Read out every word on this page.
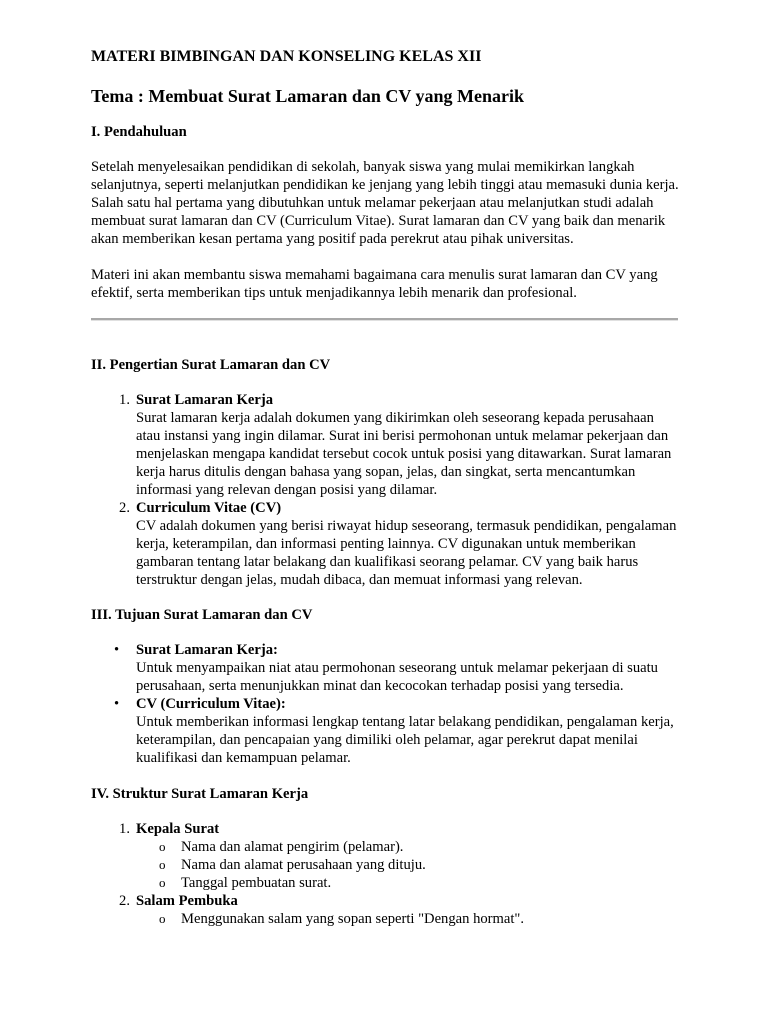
MATERI BIMBINGAN DAN KONSELING KELAS XII
Tema : Membuat Surat Lamaran dan CV yang Menarik
I. Pendahuluan

Setelah menyelesaikan pendidikan di sekolah, banyak siswa yang mulai memikirkan langkah selanjutnya, seperti melanjutkan pendidikan ke jenjang yang lebih tinggi atau memasuki dunia kerja. Salah satu hal pertama yang dibutuhkan untuk melamar pekerjaan atau melanjutkan studi adalah membuat surat lamaran dan CV (Curriculum Vitae). Surat lamaran dan CV yang baik dan menarik akan memberikan kesan pertama yang positif pada perekrut atau pihak universitas.

Materi ini akan membantu siswa memahami bagaimana cara menulis surat lamaran dan CV yang efektif, serta memberikan tips untuk menjadikannya lebih menarik dan profesional.

II. Pengertian Surat Lamaran dan CV
1. Surat Lamaran Kerja
Surat lamaran kerja adalah dokumen yang dikirimkan oleh seseorang kepada perusahaan atau instansi yang ingin dilamar. Surat ini berisi permohonan untuk melamar pekerjaan dan menjelaskan mengapa kandidat tersebut cocok untuk posisi yang ditawarkan. Surat lamaran kerja harus ditulis dengan bahasa yang sopan, jelas, dan singkat, serta mencantumkan informasi yang relevan dengan posisi yang dilamar.
2. Curriculum Vitae (CV)
CV adalah dokumen yang berisi riwayat hidup seseorang, termasuk pendidikan, pengalaman kerja, keterampilan, dan informasi penting lainnya. CV digunakan untuk memberikan gambaran tentang latar belakang dan kualifikasi seorang pelamar. CV yang baik harus terstruktur dengan jelas, mudah dibaca, dan memuat informasi yang relevan.
III. Tujuan Surat Lamaran dan CV
• Surat Lamaran Kerja:
Untuk menyampaikan niat atau permohonan seseorang untuk melamar pekerjaan di suatu perusahaan, serta menunjukkan minat dan kecocokan terhadap posisi yang tersedia.
• CV (Curriculum Vitae):
Untuk memberikan informasi lengkap tentang latar belakang pendidikan, pengalaman kerja, keterampilan, dan pencapaian yang dimiliki oleh pelamar, agar perekrut dapat menilai kualifikasi dan kemampuan pelamar.
IV. Struktur Surat Lamaran Kerja
1. Kepala Surat
o Nama dan alamat pengirim (pelamar).
o Nama dan alamat perusahaan yang dituju.
o Tanggal pembuatan surat.
2. Salam Pembuka
o Menggunakan salam yang sopan seperti "Dengan hormat".
